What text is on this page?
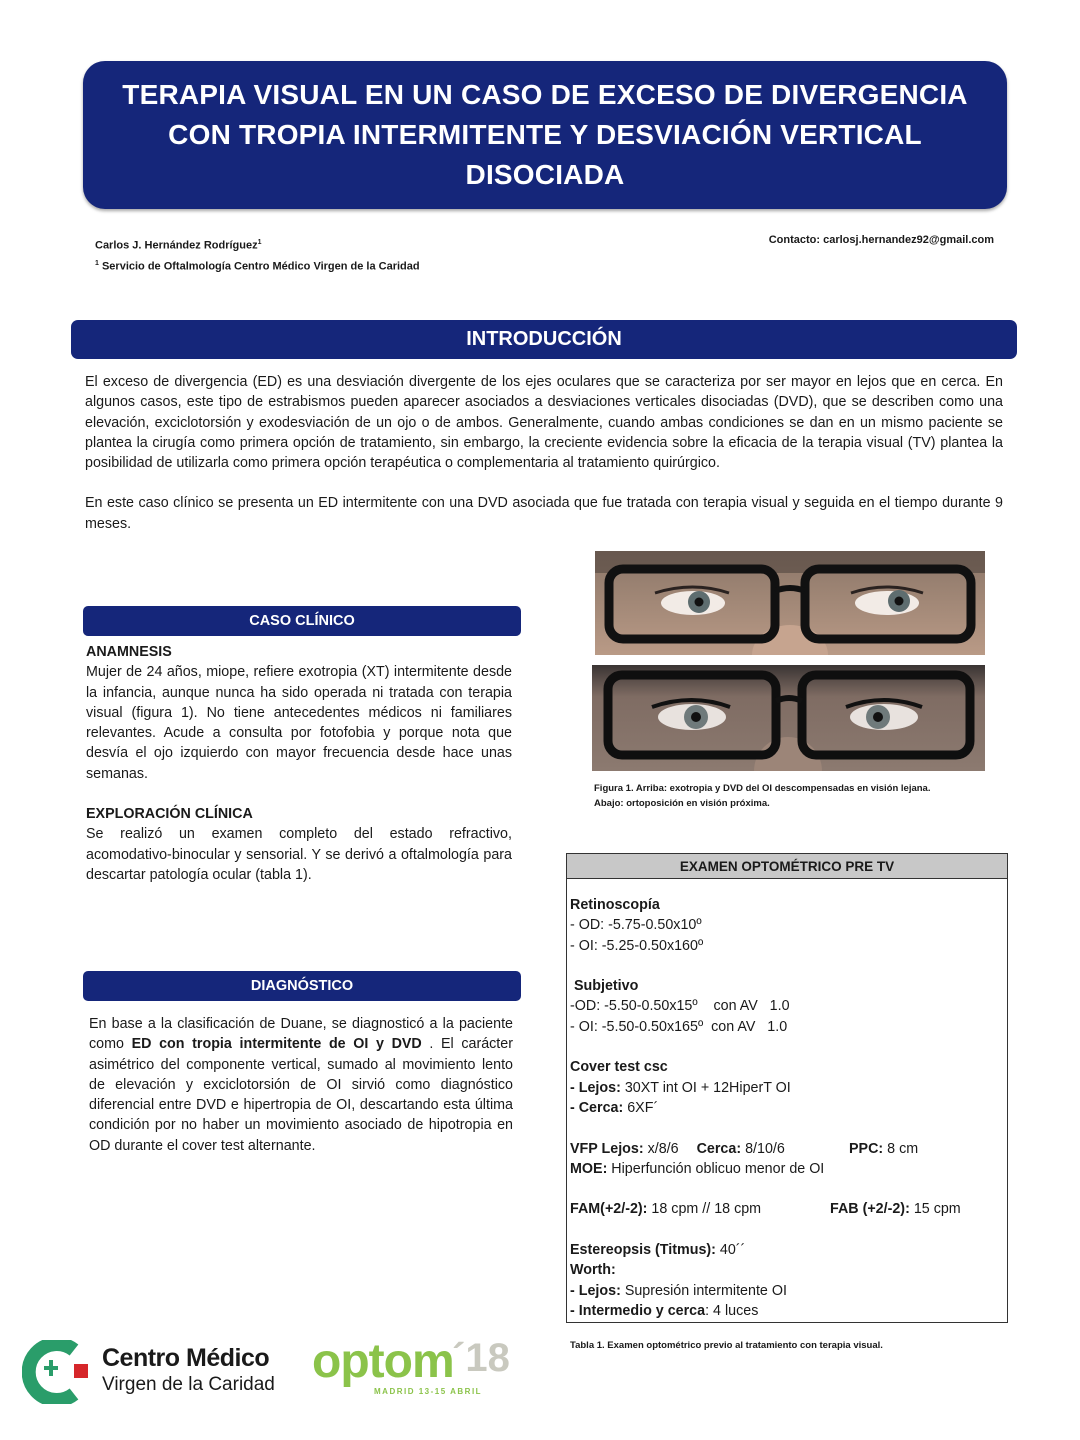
TERAPIA VISUAL EN UN CASO DE EXCESO DE DIVERGENCIA CON TROPIA INTERMITENTE Y DESVIACIÓN VERTICAL DISOCIADA
Carlos J. Hernández Rodríguez$^1$
$^1$ Servicio de Oftalmología Centro Médico Virgen de la Caridad
Contacto: carlosj.hernandez92@gmail.com
INTRODUCCIÓN

El exceso de divergencia (ED) es una desviación divergente de los ejes oculares que se caracteriza por ser mayor en lejos que en cerca. En algunos casos, este tipo de estrabismos pueden aparecer asociados a desviaciones verticales disociadas (DVD), que se describen como una elevación, exciclotorsión y exodesviación de un ojo o de ambos. Generalmente, cuando ambas condiciones se dan en un mismo paciente se plantea la cirugía como primera opción de tratamiento, sin embargo, la creciente evidencia sobre la eficacia de la terapia visual (TV) plantea la posibilidad de utilizarla como primera opción terapéutica o complementaria al tratamiento quirúrgico.

En este caso clínico se presenta un ED intermitente con una DVD asociada que fue tratada con terapia visual y seguida en el tiempo durante 9 meses.

CASO CLÍNICO

ANAMNESIS

Mujer de 24 años, miope, refiere exotropia (XT) intermitente desde la infancia, aunque nunca ha sido operada ni tratada con terapia visual (figura 1). No tiene antecedentes médicos ni familiares relevantes. Acude a consulta por fotofobia y porque nota que desvía el ojo izquierdo con mayor frecuencia desde hace unas semanas.

EXPLORACIÓN CLÍNICA

Se realizó un examen completo del estado refractivo, acomodativo-binocular y sensorial. Y se derivó a oftalmología para descartar patología ocular (tabla 1).

DIAGNÓSTICO

En base a la clasificación de Duane, se diagnosticó a la paciente como ED con tropia intermitente de OI y DVD . El carácter asimétrico del componente vertical, sumado al movimiento lento de elevación y exciclotorsión de OI sirvió como diagnóstico diferencial entre DVD e hipertropia de OI, descartando esta última condición por no haber un movimiento asociado de hipotropia en OD durante el cover test alternante.

Figura 1. Arriba: exotropia y DVD del OI descompensadas en visión lejana.
Abajo: ortoposición en visión próxima.
EXAMEN OPTOMÉTRICO PRE TV
Retinoscopía
- OD: -5.75-0.50x10º
- OI: -5.25-0.50x160º
Subjetivo
-OD: -5.50-0.50x15º    con AV   1.0
- OI: -5.50-0.50x165º  con AV   1.0
Cover test csc
- Lejos: 30XT int OI + 12HiperT OI
- Cerca: 6XF´
VFP Lejos: x/8/6 Cerca: 8/10/6	PPC: 8 cm
MOE: Hiperfunción oblicuo menor de OI
FAM(+2/-2): 18 cpm // 18 cpm	FAB (+2/-2): 15 cpm
Estereopsis (Titmus): 40´´
Worth:
- Lejos: Supresión intermitente OI
- Intermedio y cerca: 4 luces
Tabla 1. Examen optométrico previo al tratamiento con terapia visual.
Centro Médico
Virgen de la Caridad optom
´18
MADRID 13-15 ABRIL
